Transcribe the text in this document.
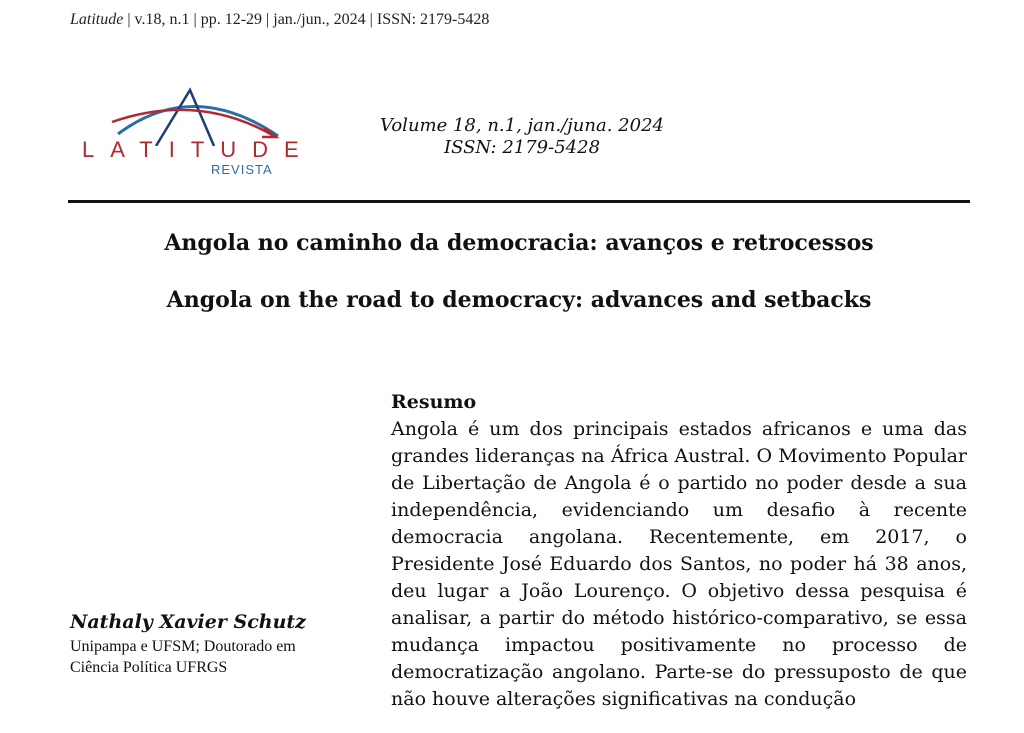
Latitude | v.18, n.1 | pp. 12-29 | jan./jun., 2024 | ISSN: 2179-5428
LATITUDE
REVISTA
Volume 18, n.1, jan./juna. 2024
ISSN: 2179-5428
Angola no caminho da democracia: avanços e retrocessos
Angola on the road to democracy: advances and setbacks
Resumo

Angola é um dos principais estados africanos e uma das grandes lideranças na África Austral. O Movimento Popular de Libertação de Angola é o partido no poder desde a sua independência, evidenciando um desafio à recente democracia angolana. Recentemente, em 2017, o Presidente José Eduardo dos Santos, no poder há 38 anos, deu lugar a João Lourenço. O objetivo dessa pesquisa é analisar, a partir do método histórico-comparativo, se essa mudança impactou positivamente no processo de democratização angolano. Parte-se do pressuposto de que não houve alterações significativas na condução

Nathaly Xavier Schutz
Unipampa e UFSM; Doutorado em Ciência Política UFRGS
